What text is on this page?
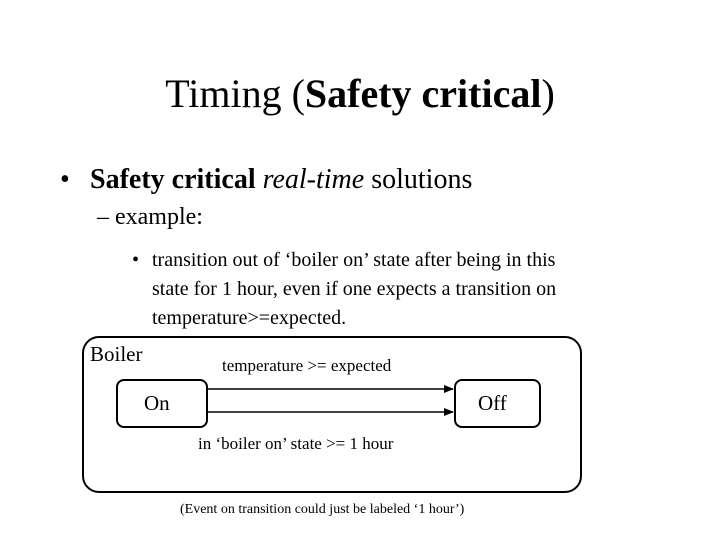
Timing (Safety critical)
• Safety critical real-time solutions
– example:
• transition out of ‘boiler on’ state after being in this
state for 1 hour, even if one expects a transition on
temperature>=expected.
Boiler
On	Off
temperature >= expected
in ‘boiler on’ state >= 1 hour
(Event on transition could just be labeled ‘1 hour’)
